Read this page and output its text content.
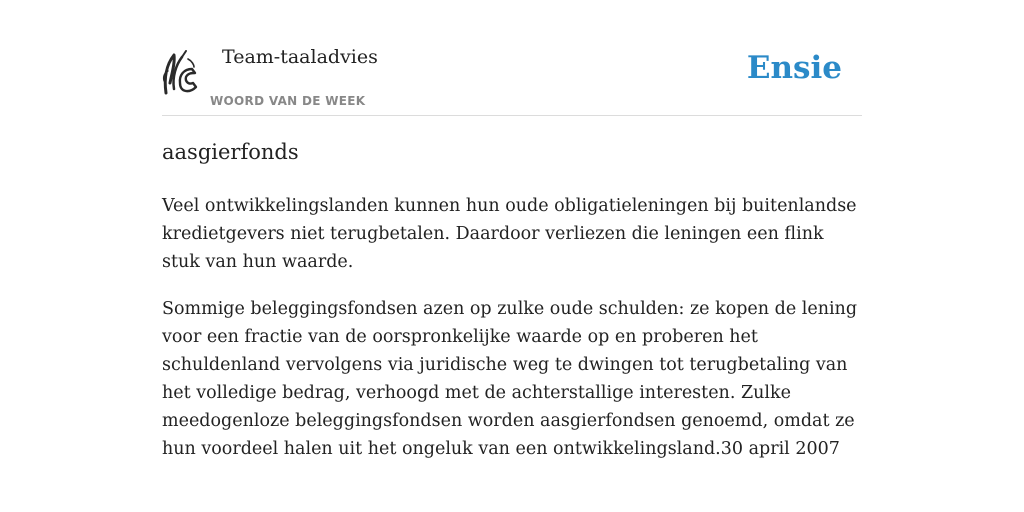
Team-taaladvies
WOORD VAN DE WEEK
Ensie
aasgierfonds

Veel ontwikkelingslanden kunnen hun oude obligatieleningen bij buitenlandse kredietgevers niet terugbetalen. Daardoor verliezen die leningen een flink stuk van hun waarde.

Sommige beleggingsfondsen azen op zulke oude schulden: ze kopen de lening voor een fractie van de oorspronkelijke waarde op en proberen het schuldenland vervolgens via juridische weg te dwingen tot terugbetaling van het volledige bedrag, verhoogd met de achterstallige interesten. Zulke meedogenloze beleggingsfondsen worden aasgierfondsen genoemd, omdat ze hun voordeel halen uit het ongeluk van een ontwikkelingsland.30 april 2007
